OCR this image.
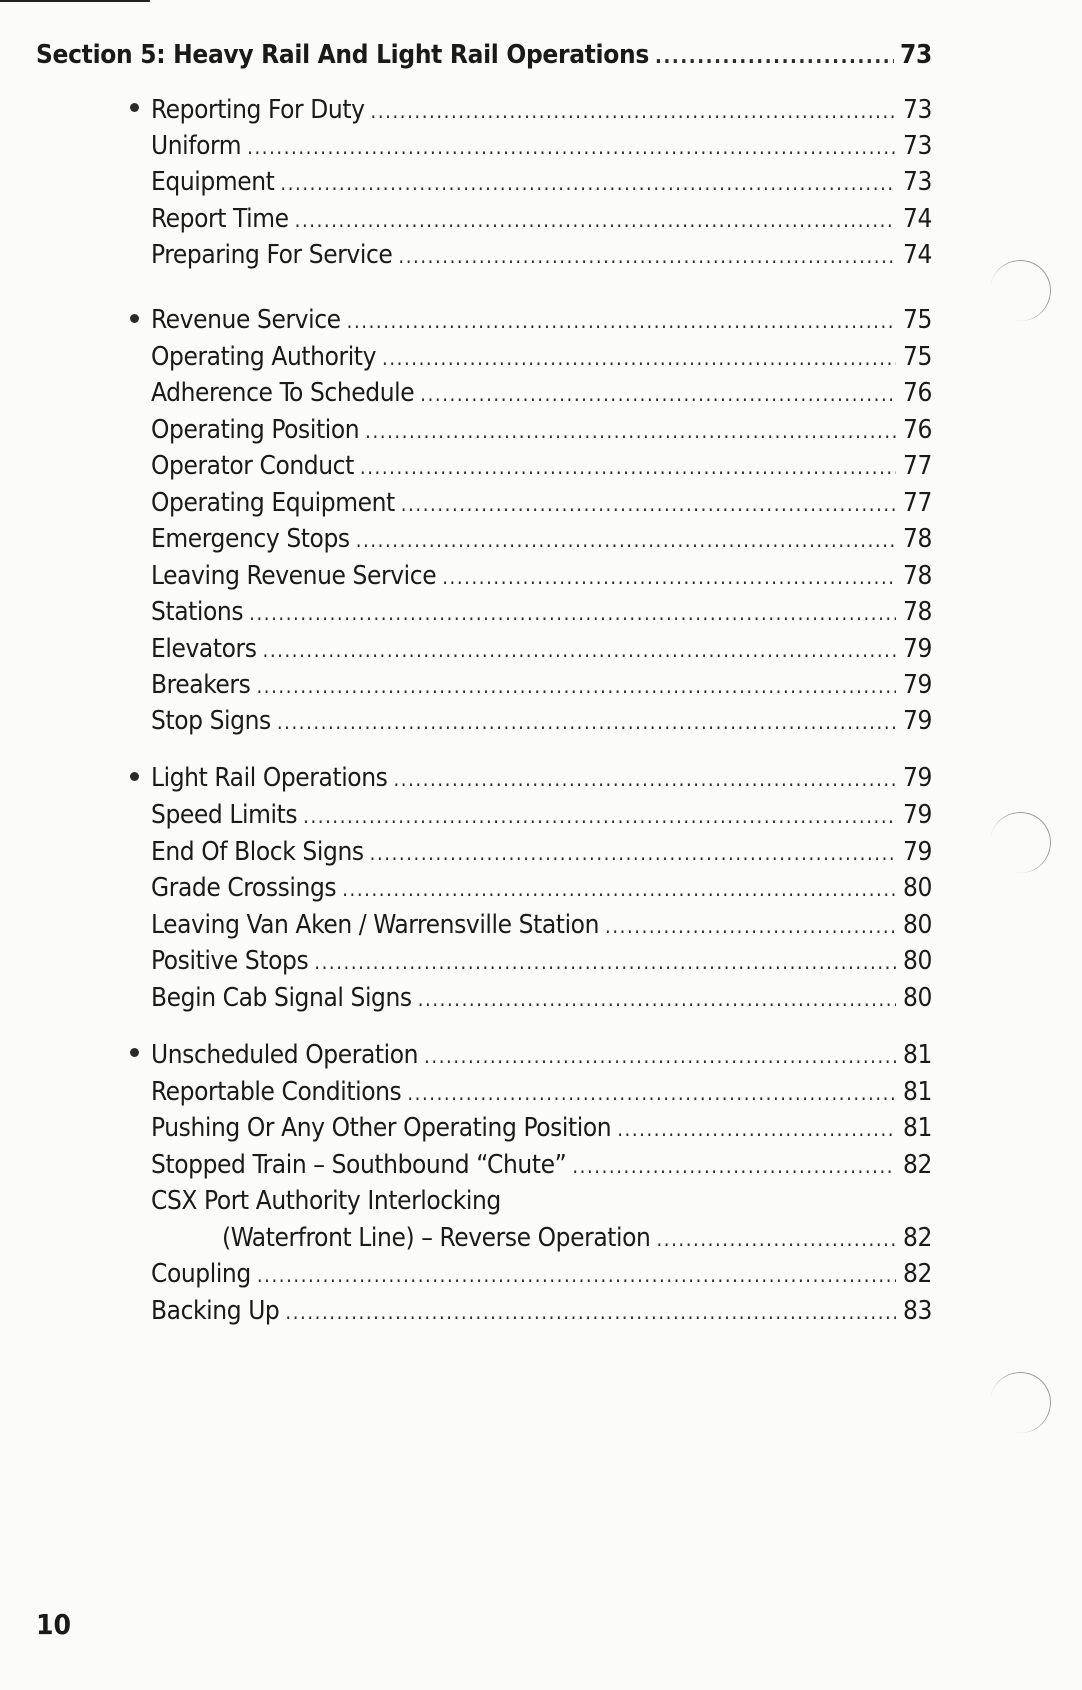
Section 5: Heavy Rail And Light Rail Operations .....	73
Reporting For Duty .....	73
Uniform .....	73
Equipment .....	73
Report Time .....	74
Preparing For Service .....	74
Revenue Service .....	75
Operating Authority .....	75
Adherence To Schedule .....	76
Operating Position .....	76
Operator Conduct .....	77
Operating Equipment .....	77
Emergency Stops .....	78
Leaving Revenue Service .....	78
Stations .....	78
Elevators .....	79
Breakers .....	79
Stop Signs .....	79
Light Rail Operations .....	79
Speed Limits .....	79
End Of Block Signs .....	79
Grade Crossings .....	80
Leaving Van Aken / Warrensville Station .....	80
Positive Stops .....	80
Begin Cab Signal Signs .....	80
Unscheduled Operation .....	81
Reportable Conditions .....	81
Pushing Or Any Other Operating Position .....	81
Stopped Train – Southbound “Chute” .....	82
CSX Port Authority Interlocking
(Waterfront Line) – Reverse Operation .....	82
Coupling .....	82
Backing Up .....	83
10
